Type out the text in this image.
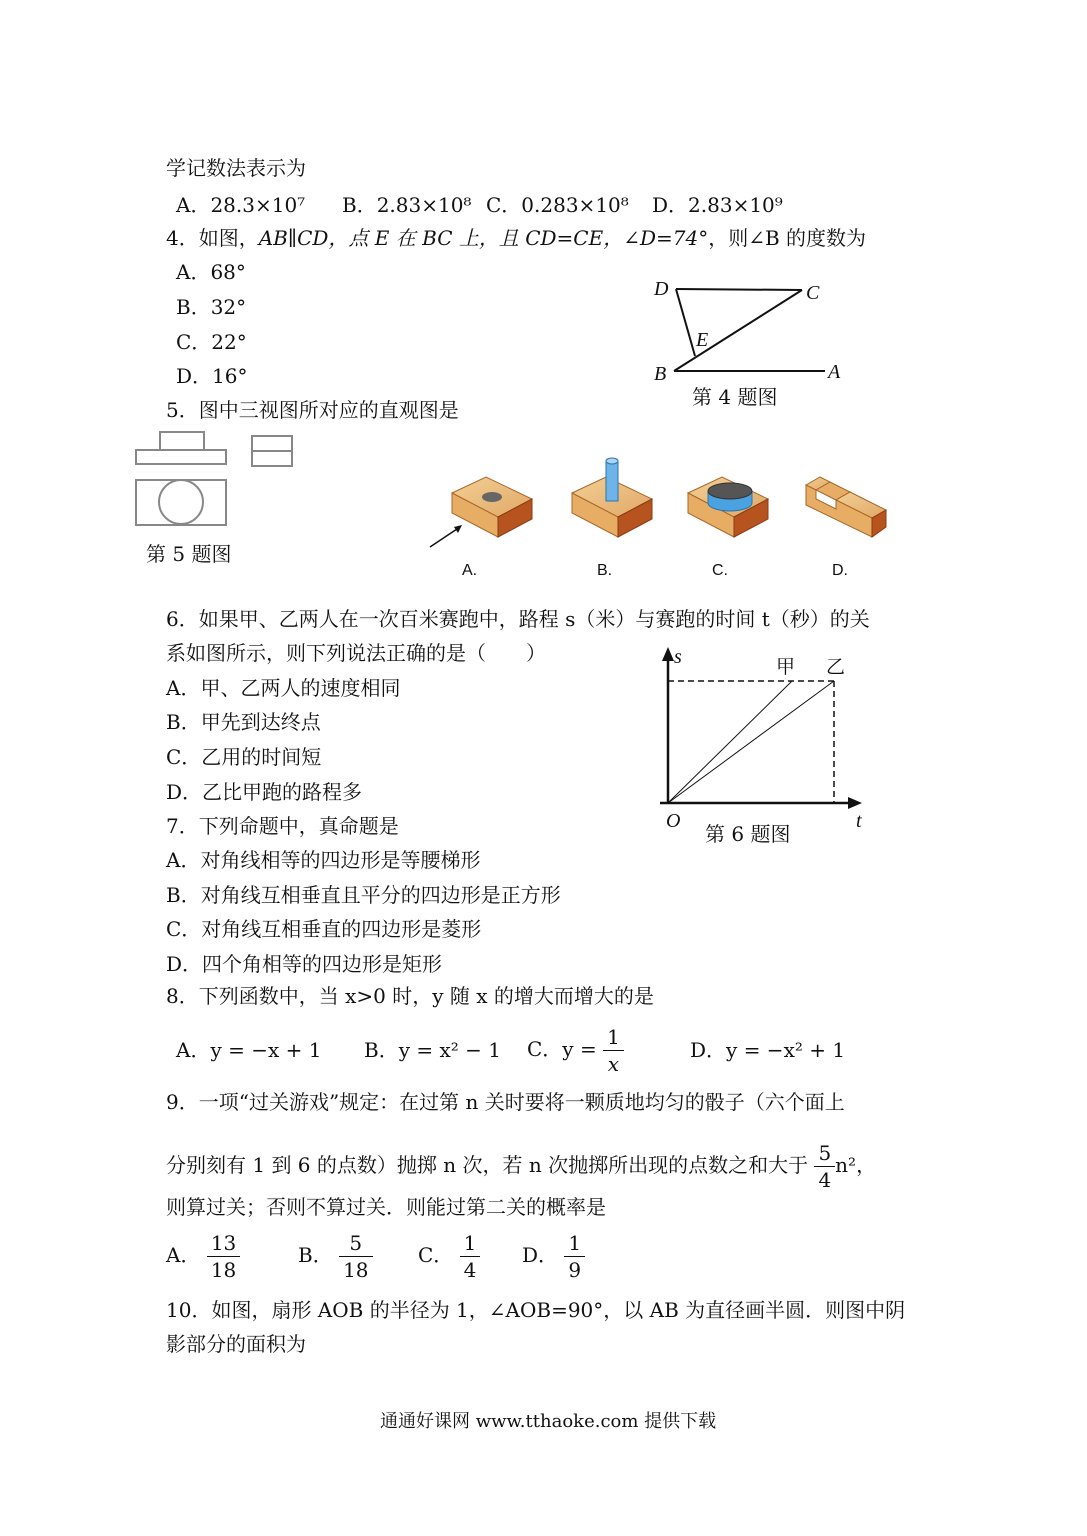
学记数法表示为
A．28.3×10⁷ B．2.83×10⁸ C．0.283×10⁸ D．2.83×10⁹
4．如图，AB∥CD，点 E 在 BC 上，且 CD=CE，∠D=74°，则∠B 的度数为
A．68°
B．32°
C．22°
D．16°
D	C
E
B	A
第 4 题图
5．图中三视图所对应的直观图是
第 5 题图
A.	B.	C.	D.
6．如果甲、乙两人在一次百米赛跑中，路程 s（米）与赛跑的时间 t（秒）的关
系如图所示，则下列说法正确的是（　　）
A．甲、乙两人的速度相同
B．甲先到达终点
C．乙用的时间短
D．乙比甲跑的路程多
s	甲 乙
O	t
第 6 题图
7．下列命题中，真命题是
A．对角线相等的四边形是等腰梯形
B．对角线互相垂直且平分的四边形是正方形
C．对角线互相垂直的四边形是菱形
D．四个角相等的四边形是矩形
8．下列函数中，当 x>0 时，y 随 x 的增大而增大的是
A．y = −x + 1 B．y = x² − 1 C．$y = \frac{1}{x}$	D．y = −x² + 1
9．一项“过关游戏”规定：在过第 n 关时要将一颗质地均匀的骰子（六个面上
分别刻有 1 到 6 的点数）抛掷 n 次，若 n 次抛掷所出现的点数之和大于 $\frac{5}{4} n^2$，
则算过关；否则不算过关．则能过第二关的概率是
A． $\frac{13}{18}$	B． $\frac{5}{18}$ C． $\frac{1}{4}$ D． $\frac{1}{9}$
10．如图，扇形 AOB 的半径为 1，∠AOB=90°，以 AB 为直径画半圆．则图中阴
影部分的面积为
通通好课网 www.tthaoke.com 提供下载
